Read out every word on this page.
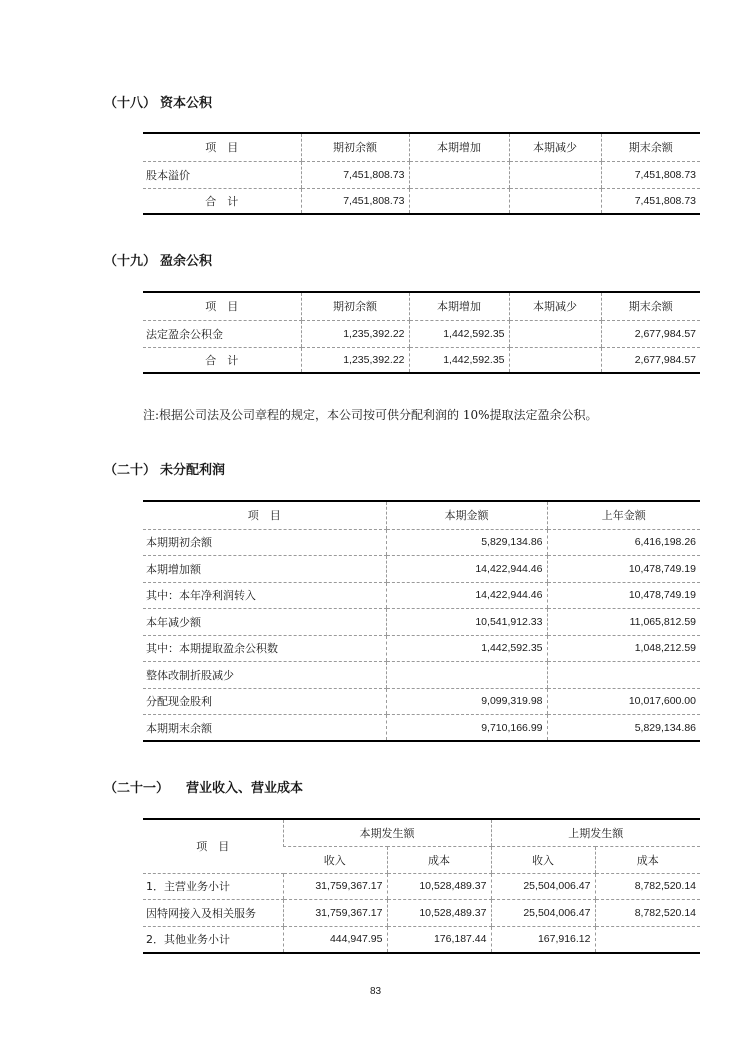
（十八） 资本公积
项　目	期初余额	本期增加	本期减少	期末余额
股本溢价	7,451,808.73			7,451,808.73
合　计	7,451,808.73			7,451,808.73
（十九） 盈余公积
项　目	期初余额	本期增加	本期减少	期末余额
法定盈余公积金	1,235,392.22	1,442,592.35		2,677,984.57
合　计	1,235,392.22	1,442,592.35		2,677,984.57

注:根据公司法及公司章程的规定，本公司按可供分配利润的 10%提取法定盈余公积。

（二十） 未分配利润
项　目	本期金额	上年金额
本期期初余额	5,829,134.86	6,416,198.26
本期增加额	14,422,944.46	10,478,749.19
其中：本年净利润转入	14,422,944.46	10,478,749.19
本年减少额	10,541,912.33	11,065,812.59
其中：本期提取盈余公积数	1,442,592.35	1,048,212.59
整体改制折股减少		
分配现金股利	9,099,319.98	10,017,600.00
本期期末余额	9,710,166.99	5,829,134.86
（二十一） 营业收入、营业成本
项　目	本期发生额		上期发生额	
	收入	成本	收入	成本
1．主营业务小计	31,759,367.17	10,528,489.37	25,504,006.47	8,782,520.14
因特网接入及相关服务	31,759,367.17	10,528,489.37	25,504,006.47	8,782,520.14
2．其他业务小计	444,947.95	176,187.44	167,916.12	
83
